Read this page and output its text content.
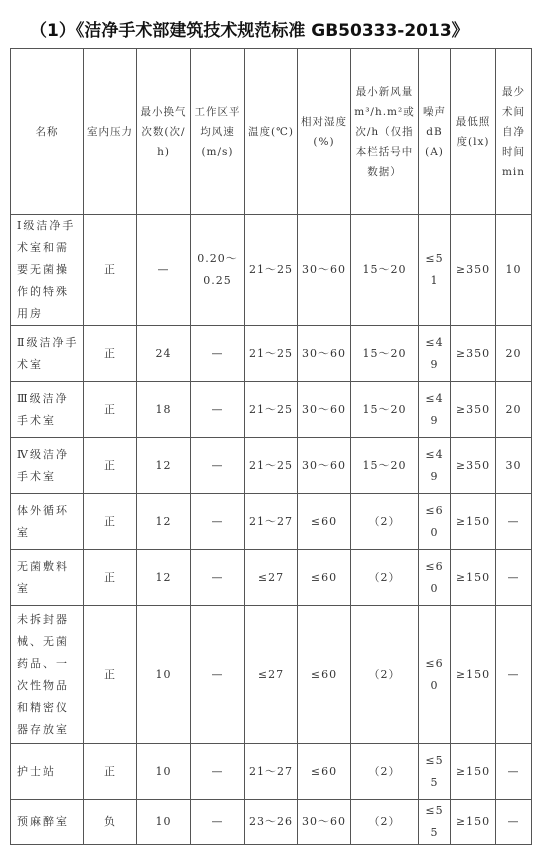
（1）《洁净手术部建筑技术规范标准 GB50333-2013》
名称	室内压力	最小换气次数(次/h)	工作区平均风速(m/s)	温度(℃)	相对湿度(%)	最小新风量m³/h.m²或次/h（仅指本栏括号中数据）	噪声dB(A)	最低照度(lx)	最少术间自净时间min
Ⅰ级洁净手术室和需要无菌操作的特殊用房	正	—	0.20～0.25	21～25	30～60	15～20	≤51	≥350	10
Ⅱ级洁净手术室	正	24	—	21～25	30～60	15～20	≤49	≥350	20
Ⅲ级洁净手术室	正	18	—	21～25	30～60	15～20	≤49	≥350	20
Ⅳ级洁净手术室	正	12	—	21～25	30～60	15～20	≤49	≥350	30
体外循环室	正	12	—	21～27	≤60	（2）	≤60	≥150	—
无菌敷料室	正	12	—	≤27	≤60	（2）	≤60	≥150	—
未拆封器械、无菌药品、一次性物品和精密仪器存放室	正	10	—	≤27	≤60	（2）	≤60	≥150	—
护士站	正	10	—	21～27	≤60	（2）	≤55	≥150	—
预麻醉室	负	10	—	23～26	30～60	（2）	≤55	≥150	—
